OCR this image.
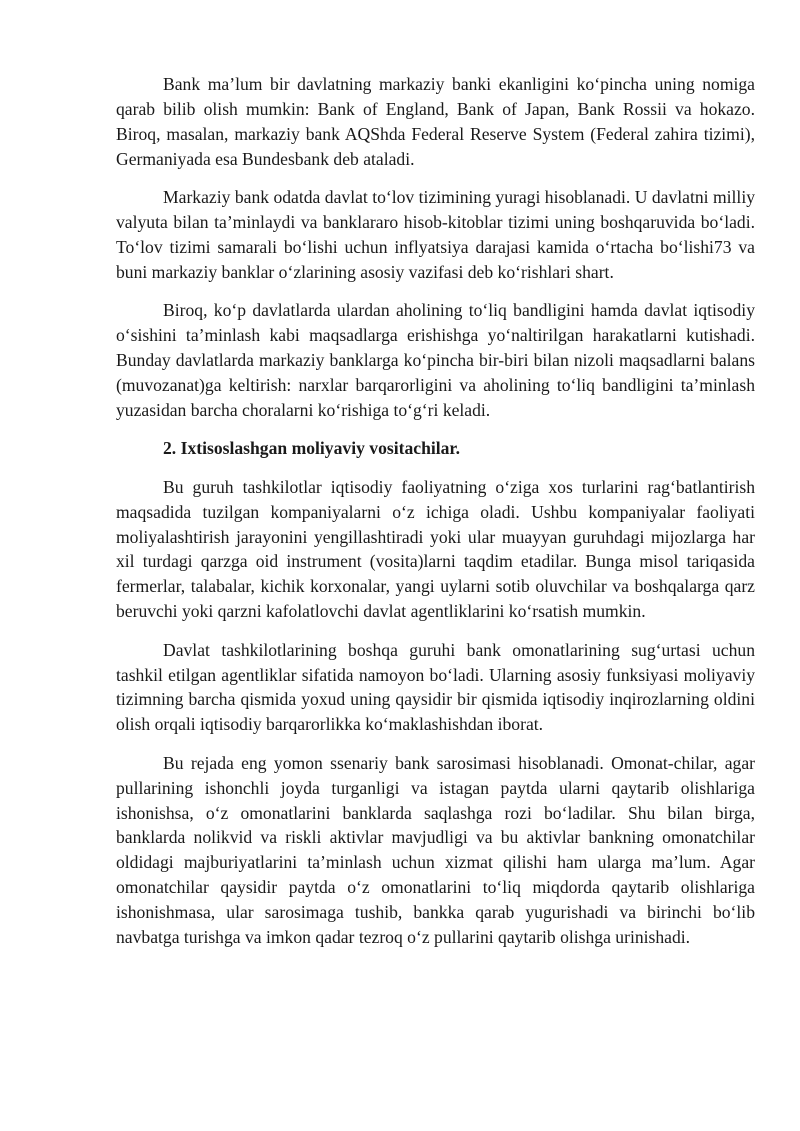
Bank maʼlum bir davlatning markaziy banki ekanligini koʻpincha uning nomiga qarab bilib olish mumkin: Bank of England, Bank of Japan, Bank Rossii va hokazo. Biroq, masalan, markaziy bank AQShda Federal Reserve System (Federal zahira tizimi), Germaniyada esa Bundesbank deb ataladi.

Markaziy bank odatda davlat toʻlov tizimining yuragi hisoblanadi. U davlatni milliy valyuta bilan taʼminlaydi va banklararo hisob-kitoblar tizimi uning boshqaruvida boʻladi. Toʻlov tizimi samarali boʻlishi uchun inflyatsiya darajasi kamida oʻrtacha boʻlishi73 va buni markaziy banklar oʻzlarining asosiy vazifasi deb koʻrishlari shart.

Biroq, koʻp davlatlarda ulardan aholining toʻliq bandligini hamda davlat iqtisodiy oʻsishini taʼminlash kabi maqsadlarga erishishga yoʻnaltirilgan harakatlarni kutishadi. Bunday davlatlarda markaziy banklarga koʻpincha bir-biri bilan nizoli maqsadlarni balans (muvozanat)ga keltirish: narxlar barqarorligini va aholining toʻliq bandligini taʼminlash yuzasidan barcha choralarni koʻrishiga toʻgʻri keladi.

2. Ixtisoslashgan moliyaviy vositachilar.

Bu guruh tashkilotlar iqtisodiy faoliyatning oʻziga xos turlarini ragʻbatlantirish maqsadida tuzilgan kompaniyalarni oʻz ichiga oladi. Ushbu kompaniyalar faoliyati moliyalashtirish jarayonini yengillashtiradi yoki ular muayyan guruhdagi mijozlarga har xil turdagi qarzga oid instrument (vosita)larni taqdim etadilar. Bunga misol tariqasida fermerlar, talabalar, kichik korxonalar, yangi uylarni sotib oluvchilar va boshqalarga qarz beruvchi yoki qarzni kafolatlovchi davlat agentliklarini koʻrsatish mumkin.

Davlat tashkilotlarining boshqa guruhi bank omonatlarining sugʻurtasi uchun tashkil etilgan agentliklar sifatida namoyon boʻladi. Ularning asosiy funksiyasi moliyaviy tizimning barcha qismida yoxud uning qaysidir bir qismida iqtisodiy inqirozlarning oldini olish orqali iqtisodiy barqarorlikka koʻmaklashishdan iborat.

Bu rejada eng yomon ssenariy bank sarosimasi hisoblanadi. Omonat-chilar, agar pullarining ishonchli joyda turganligi va istagan paytda ularni qaytarib olishlariga ishonishsa, oʻz omonatlarini banklarda saqlashga rozi boʻladilar. Shu bilan birga, banklarda nolikvid va riskli aktivlar mavjudligi va bu aktivlar bankning omonatchilar oldidagi majburiyatlarini taʼminlash uchun xizmat qilishi ham ularga maʼlum. Agar omonatchilar qaysidir paytda oʻz omonatlarini toʻliq miqdorda qaytarib olishlariga ishonishmasa, ular sarosimaga tushib, bankka qarab yugurishadi va birinchi boʻlib navbatga turishga va imkon qadar tezroq oʻz pullarini qaytarib olishga urinishadi.
